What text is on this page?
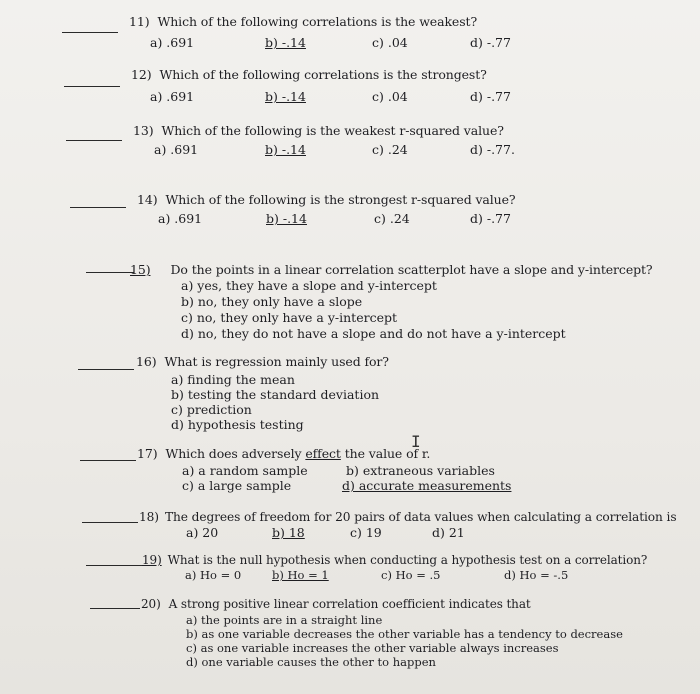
11) Which of the following correlations is the weakest?
a) .691	b) -.14	c) .04	d) -.77
12) Which of the following correlations is the strongest?
a) .691	b) -.14	c) .04	d) -.77
13) Which of the following is the weakest r-squared value?
a) .691	b) -.14	c) .24	d) -.77.
14) Which of the following is the strongest r-squared value?
a) .691	b) -.14	c) .24	d) -.77
15) Do the points in a linear correlation scatterplot have a slope and y-intercept?
a) yes, they have a slope and y-intercept
b) no, they only have a slope
c) no, they only have a y-intercept
d) no, they do not have a slope and do not have a y-intercept
16) What is regression mainly used for?
a) finding the mean
b) testing the standard deviation
c) prediction
d) hypothesis testing
17) Which does adversely effect the value of r.
a) a random sample	b) extraneous variables
c) a large sample	d) accurate measurements
I
18) The degrees of freedom for 20 pairs of data values when calculating a correlation is
a) 20	b) 18	c) 19	d) 21
19) What is the null hypothesis when conducting a hypothesis test on a correlation?
a) Ho = 0	b) Ho = 1	c) Ho = .5	d) Ho = -.5
20) A strong positive linear correlation coefficient indicates that
a) the points are in a straight line
b) as one variable decreases the other variable has a tendency to decrease
c) as one variable increases the other variable always increases
d) one variable causes the other to happen
